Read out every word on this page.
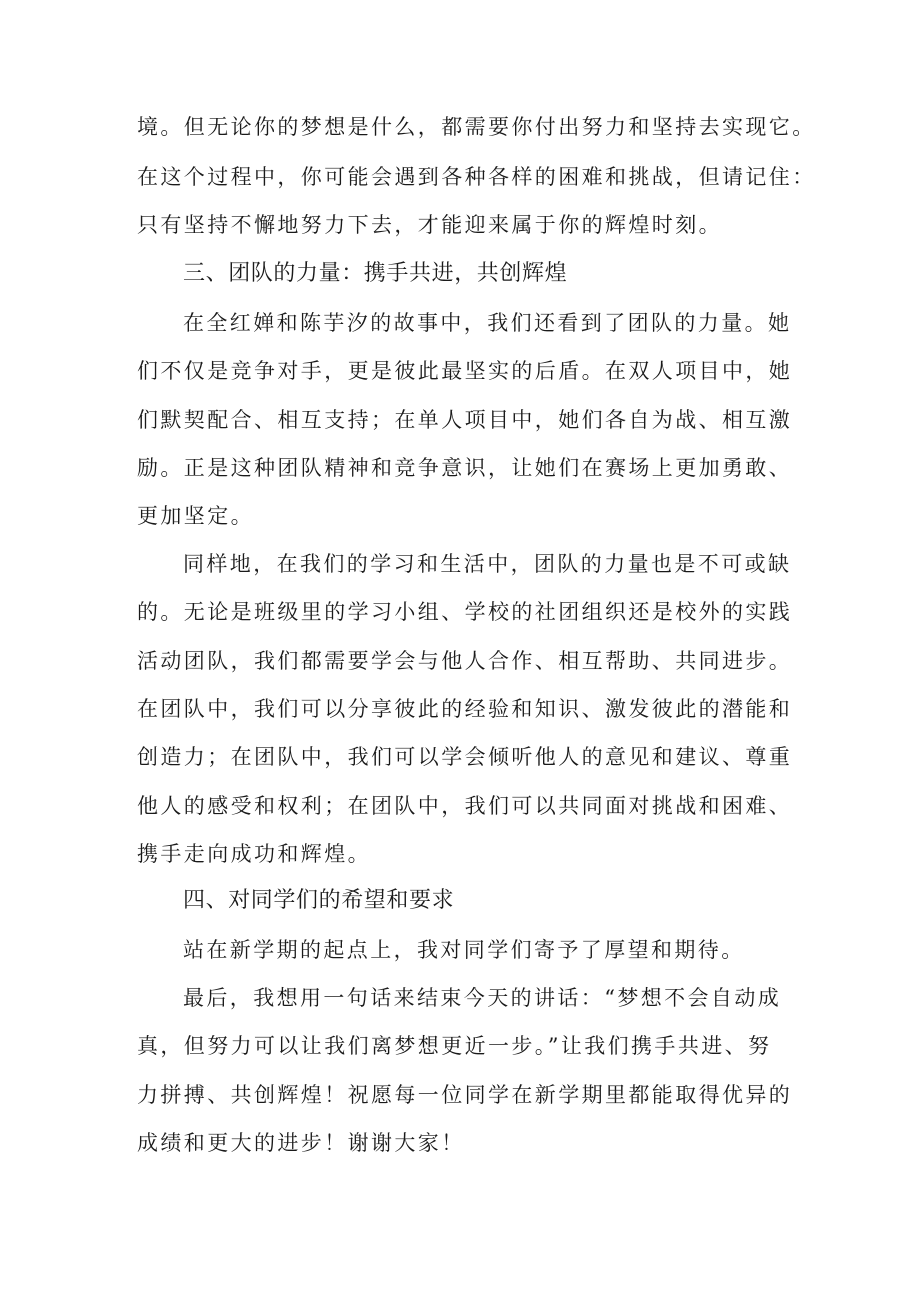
境。但无论你的梦想是什么，都需要你付出努力和坚持去实现它。
在这个过程中，你可能会遇到各种各样的困难和挑战，但请记住：
只有坚持不懈地努力下去，才能迎来属于你的辉煌时刻。
三、团队的力量：携手共进，共创辉煌
在全红婵和陈芋汐的故事中，我们还看到了团队的力量。她
们不仅是竞争对手，更是彼此最坚实的后盾。在双人项目中，她
们默契配合、相互支持；在单人项目中，她们各自为战、相互激
励。正是这种团队精神和竞争意识，让她们在赛场上更加勇敢、
更加坚定。
同样地，在我们的学习和生活中，团队的力量也是不可或缺
的。无论是班级里的学习小组、学校的社团组织还是校外的实践
活动团队，我们都需要学会与他人合作、相互帮助、共同进步。
在团队中，我们可以分享彼此的经验和知识、激发彼此的潜能和
创造力；在团队中，我们可以学会倾听他人的意见和建议、尊重
他人的感受和权利；在团队中，我们可以共同面对挑战和困难、
携手走向成功和辉煌。
四、对同学们的希望和要求
站在新学期的起点上，我对同学们寄予了厚望和期待。
最后，我想用一句话来结束今天的讲话：“梦想不会自动成
真，但努力可以让我们离梦想更近一步。”让我们携手共进、努
力拼搏、共创辉煌！祝愿每一位同学在新学期里都能取得优异的
成绩和更大的进步！谢谢大家！
